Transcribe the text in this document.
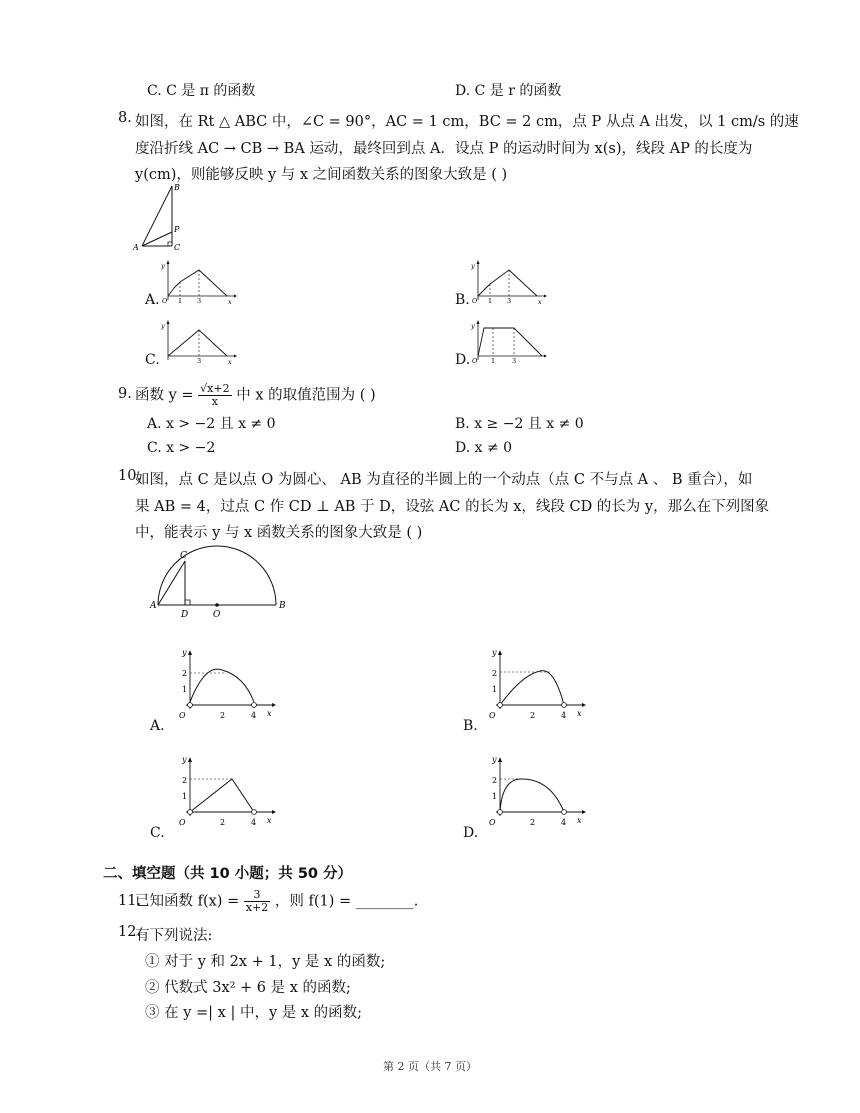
C. C 是 π 的函数	D. C 是 r 的函数
8. 如图，在 Rt △ ABC 中，∠C = 90°，AC = 1 cm，BC = 2 cm，点 P 从点 A 出发，以 1 cm/s 的速
度沿折线 AC → CB → BA 运动，最终回到点 A．设点 P 的运动时间为 x(s)，线段 AP 的长度为
y(cm)，则能够反映 y 与 x 之间函数关系的图象大致是 ( )
B
P
C
A
A.
y
x
O 1 3	B.
y
x
O 1 3
C.
y
x
3	D.
y
O 1	3
9. 函数 $y = \frac{√x+2}{x}$ 中 x 的取值范围为 ( )
A. x > −2 且 x ≠ 0	B. x ≥ −2 且 x ≠ 0
C. x > −2	D. x ≠ 0
10.
如图，点 C 是以点 O 为圆心、 AB 为直径的半圆上的一个动点（点 C 不与点 A 、 B 重合），如
果 AB = 4，过点 C 作 CD ⊥ AB 于 D，设弦 AC 的长为 x，线段 CD 的长为 y，那么在下列图象
中，能表示 y 与 x 函数关系的图象大致是 ( )
C
A	B
D	O
A.
y
x
O
2
1
2	4
B.
y
x
O
2
1
2	4
C.
y
x
O
2
1
2	4
D.
y
x
O
2
1
2	4
二、填空题（共 10 小题；共 50 分）
11.
已知函数 $f(x) = \frac{3}{x+2}$ ，则 f(1) = ________.
12.
有下列说法:
① 对于 y 和 2x + 1，y 是 x 的函数;
② 代数式 3x² + 6 是 x 的函数;
③ 在 y =| x | 中，y 是 x 的函数;
第 2 页（共 7 页）
